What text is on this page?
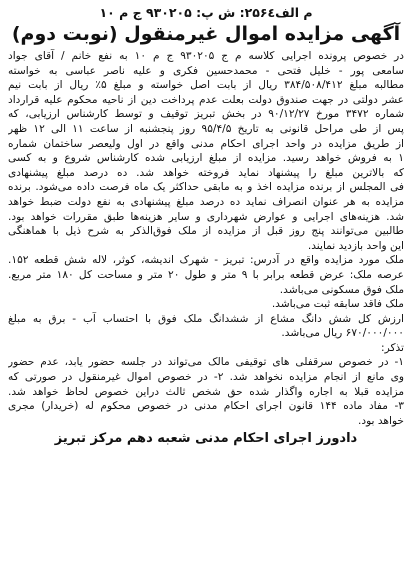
م الف۲۵۶٤: ش پ: ۹۳۰۲۰۵ ج م ۱۰
آگهی مزایده اموال غیرمنقول (نوبت دوم)
در خصوص پرونده اجرایی کلاسه م ج ۹۳۰۲۰۵ ج م ۱۰ به نفع خانم / آقای جواد
سامعی پور - خلیل فتحی - محمدحسین فکری و علیه ناصر عباسی به خواسته
مطالبه مبلغ ۳۸۴/۵۰۸/۴۱۲ ریال از بابت اصل خواسته و مبلغ ۵٪ ریال از بابت نیم
عشر دولتی در جهت صندوق دولت بعلت عدم پرداخت دین از ناحیه محکوم علیه قرارداد
شماره ۳۴۷۲ مورخ ۹۰/۱۲/۲۷ در بخش تبریز توقیف و توسط کارشناس ارزیابی، که
پس از طی مراحل قانونی به تاریخ ۹۵/۴/۵ روز پنجشنبه از ساعت ۱۱ الی ۱۲ ظهر
از طریق مزایده در واحد اجرای احکام مدنی واقع در اول ولیعصر ساختمان شماره
۱ به فروش خواهد رسید. مزایده از مبلغ ارزیابی شده کارشناس شروع و به کسی
که بالاترین مبلغ را پیشنهاد نماید فروخته خواهد شد. ده درصد مبلغ پیشنهادی
فی المجلس از برنده مزایده اخذ و به مابقی حداکثر یک ماه فرصت داده می‌شود. برنده
مزایده به هر عنوان انصراف نماید ده درصد مبلغ پیشنهادی به نفع دولت ضبط خواهد
شد. هزینه‌های اجرایی و عوارض شهرداری و سایر هزینه‌ها طبق مقررات خواهد بود.
طالبین می‌توانند پنج روز قبل از مزایده از ملک فوق‌الذکر به شرح ذیل با هماهنگی
این واحد بازدید نمایند.
ملک مورد مزایده واقع در آدرس: تبریز - شهرک اندیشه، کوثر، لاله شش قطعه ۱۵۲.
عرصه ملک: عرض قطعه برابر با ۹ متر و طول ۲۰ متر و مساحت کل ۱۸۰ متر مربع.
ملک فوق مسکونی می‌باشد.
ملک فاقد سابقه ثبت می‌باشد.
ارزش کل شش دانگ مشاع از ششدانگ ملک فوق با احتساب آب - برق به مبلغ
۶۷۰/۰۰۰/۰۰۰ ریال می‌باشد.
تذکر:
۱- در خصوص سرقفلی های توقیفی مالک می‌تواند در جلسه حضور یابد، عدم حضور
وی مانع از انجام مزایده نخواهد شد. ۲- در خصوص اموال غیرمنقول در صورتی که
مزایده قبلا به اجاره واگذار شده حق شخص ثالث دراین خصوص لحاظ خواهد شد.
۳- مفاد ماده ۱۴۴ قانون اجرای احکام مدنی در خصوص محکوم له (خریدار) مجری
خواهد بود.
دادورز اجرای احکام مدنی شعبه دهم مرکز تبریز
